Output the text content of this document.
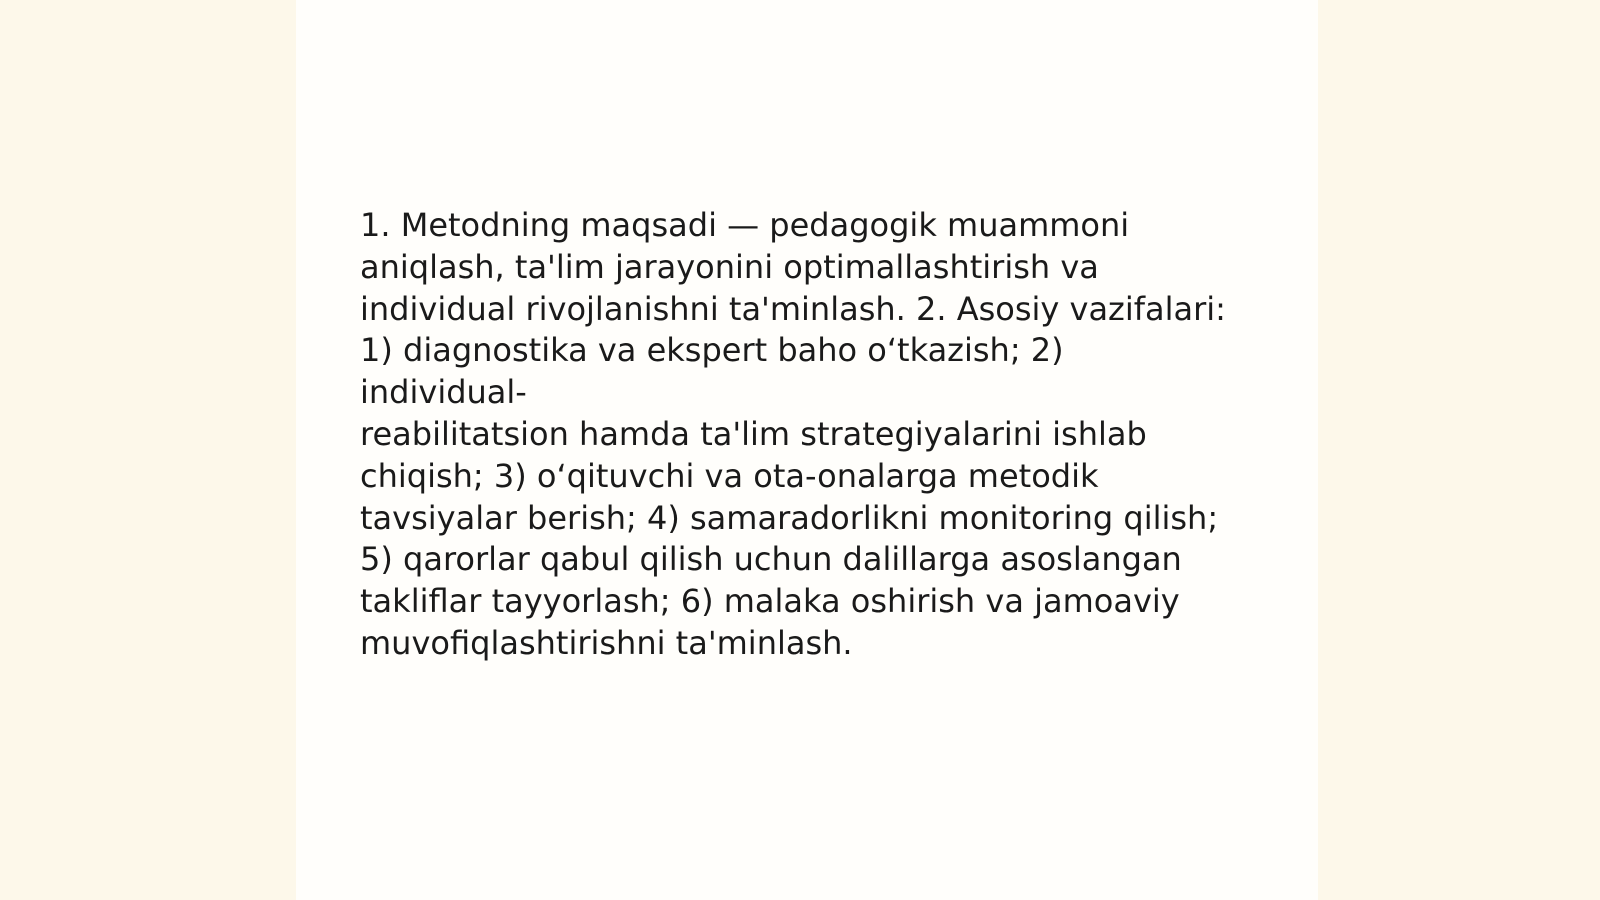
1. Metodning maqsadi — pedagogik muammoni
aniqlash, ta'lim jarayonini optimallashtirish va
individual rivojlanishni ta'minlash. 2. Asosiy vazifalari:
1) diagnostika va ekspert baho o‘tkazish; 2) individual-
reabilitatsion hamda ta'lim strategiyalarini ishlab
chiqish; 3) o‘qituvchi va ota-onalarga metodik
tavsiyalar berish; 4) samaradorlikni monitoring qilish;
5) qarorlar qabul qilish uchun dalillarga asoslangan
takliflar tayyorlash; 6) malaka oshirish va jamoaviy
muvofiqlashtirishni ta'minlash.
